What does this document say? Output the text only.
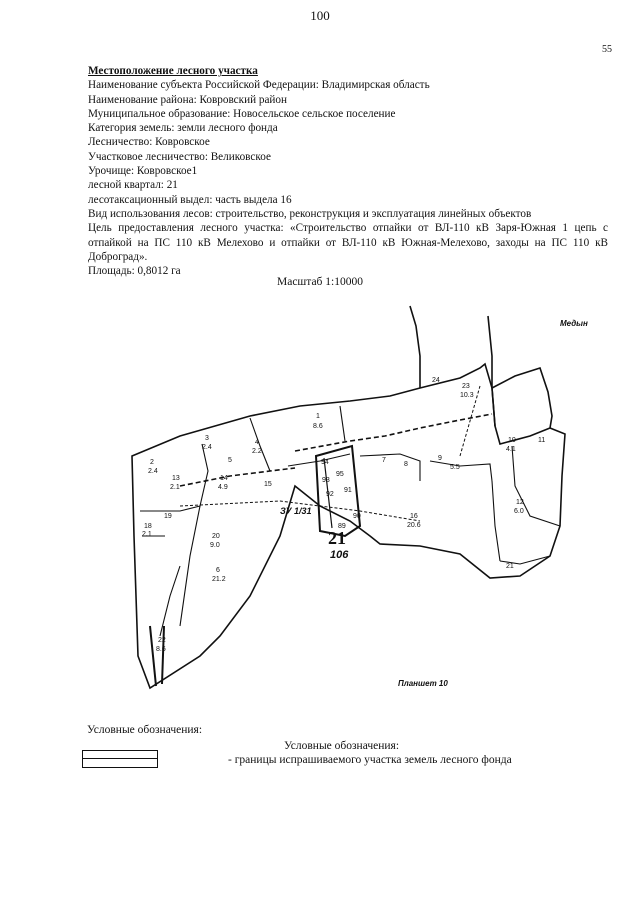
100
55
Местоположение лесного участка
Наименование субъекта Российской Федерации: Владимирская область
Наименование района: Ковровский район
Муниципальное образование: Новосельское сельское поселение
Категория земель: земли лесного фонда
Лесничество: Ковровское
Участковое лесничество: Великовское
Урочище: Ковровское1
лесной квартал: 21
лесотаксационный выдел: часть выдела 16
Вид использования лесов: строительство, реконструкция и эксплуатация линейных объектов
Цель предоставления лесного участка: «Строительство отпайки от ВЛ-110 кВ Заря-Южная 1 цепь с отпайкой на ПС 110 кВ Мелехово и отпайки от ВЛ-110 кВ Южная-Мелехово, заходы на ПС 110 кВ Доброград».
Площадь: 0,8012 га
Масштаб 1:10000
Медын
Планшет 10
21
106
ЗУ 1/31
1
8.6
2
2.4
3
2.4
4
2.2
5
6
21.2
7
8
9
5.5
10
4.1
11
12
6.0
13
2.1
14
4.9	15
16
20.6
18
2.1
19
20
9.0
21
22
8.6
23
10.3
24
94
95
93
92
91
90
89
Условные обозначения:
Условные обозначения:
- границы испрашиваемого участка земель лесного фонда
